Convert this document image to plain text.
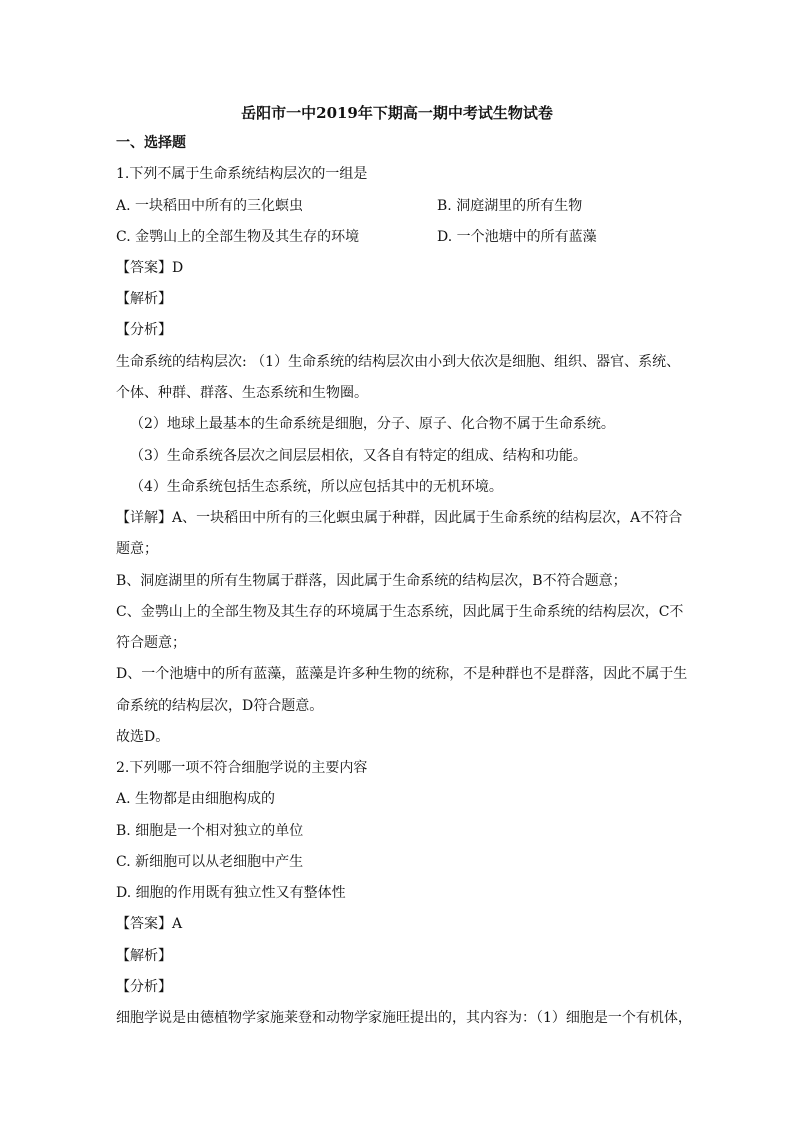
岳阳市一中2019年下期高一期中考试生物试卷
一、选择题
1.下列不属于生命系统结构层次的一组是
A. 一块稻田中所有的三化螟虫	B. 洞庭湖里的所有生物
C. 金鹗山上的全部生物及其生存的环境	D. 一个池塘中的所有蓝藻
【答案】D
【解析】
【分析】
生命系统的结构层次: （1）生命系统的结构层次由小到大依次是细胞、组织、器官、系统、
个体、种群、群落、生态系统和生物圈。
（2）地球上最基本的生命系统是细胞，分子、原子、化合物不属于生命系统。
（3）生命系统各层次之间层层相依，又各自有特定的组成、结构和功能。
（4）生命系统包括生态系统，所以应包括其中的无机环境。
【详解】A、一块稻田中所有的三化螟虫属于种群，因此属于生命系统的结构层次，A不符合
题意；
B、洞庭湖里的所有生物属于群落，因此属于生命系统的结构层次，B不符合题意；
C、金鹗山上的全部生物及其生存的环境属于生态系统，因此属于生命系统的结构层次，C不
符合题意；
D、一个池塘中的所有蓝藻，蓝藻是许多种生物的统称，不是种群也不是群落，因此不属于生
命系统的结构层次，D符合题意。
故选D。
2.下列哪一项不符合细胞学说的主要内容
A. 生物都是由细胞构成的
B. 细胞是一个相对独立的单位
C. 新细胞可以从老细胞中产生
D. 细胞的作用既有独立性又有整体性
【答案】A
【解析】
【分析】
细胞学说是由德植物学家施莱登和动物学家施旺提出的，其内容为：（1）细胞是一个有机体，
